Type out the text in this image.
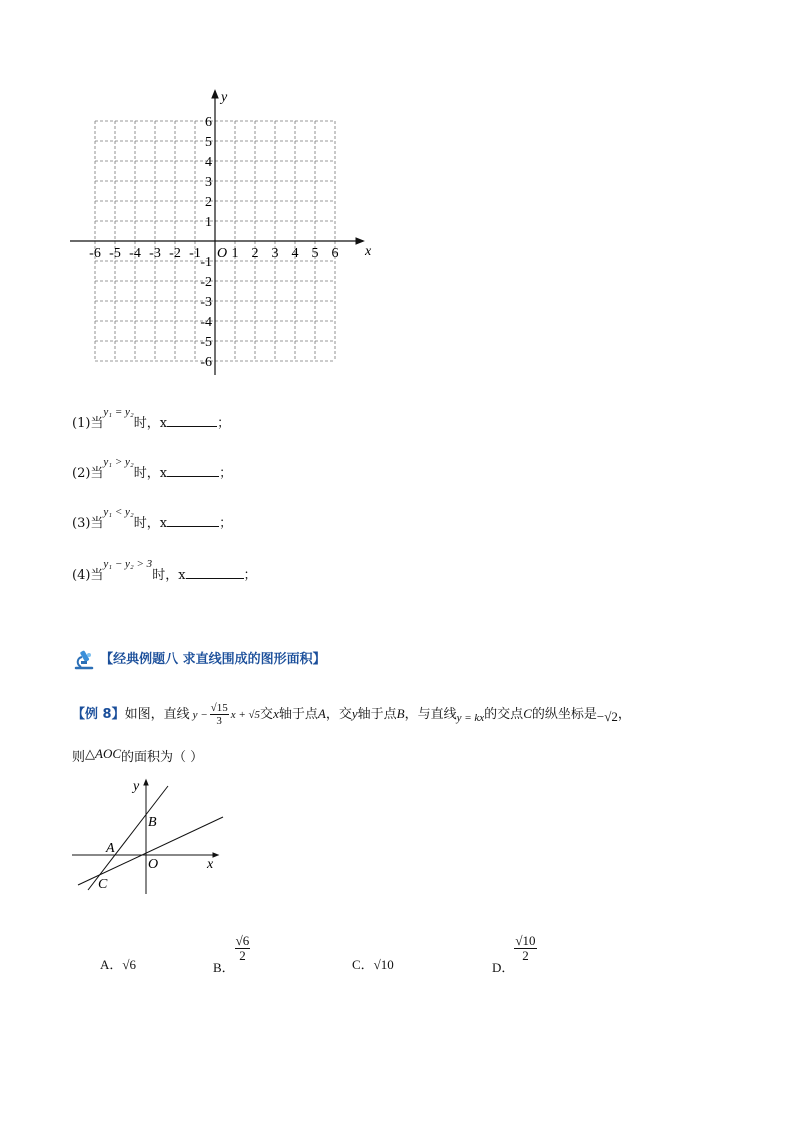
-6 -5 -4 -3 -2 -1 1 2 3 4 5 6
6
5
4
3
2
1
-1
-2
-3
-4
-5
-6
O	x
y
(1)当$^{y_1 = y_2}$时，x	；
(2)当$^{y_1 > y_2}$时，x	；
(3)当$^{y_1 < y_2}$时，x	；
(4)当$^{y_1 - y_2 > 3}$时，x	；
【经典例题八 求直线围成的图形面积】
【例 8】如图，直线 $y - \frac{√15}{3}$ x + √5交x轴于点A，交y轴于点B，与直线$_{y = kx}$的交点C的纵坐标是−√2，
则△AOC的面积为（ ）
y
x
B
A
O
C
A．√6	B．
$\frac{√6}{2}$
C．√10	D．
$\frac{√10}{2}$
